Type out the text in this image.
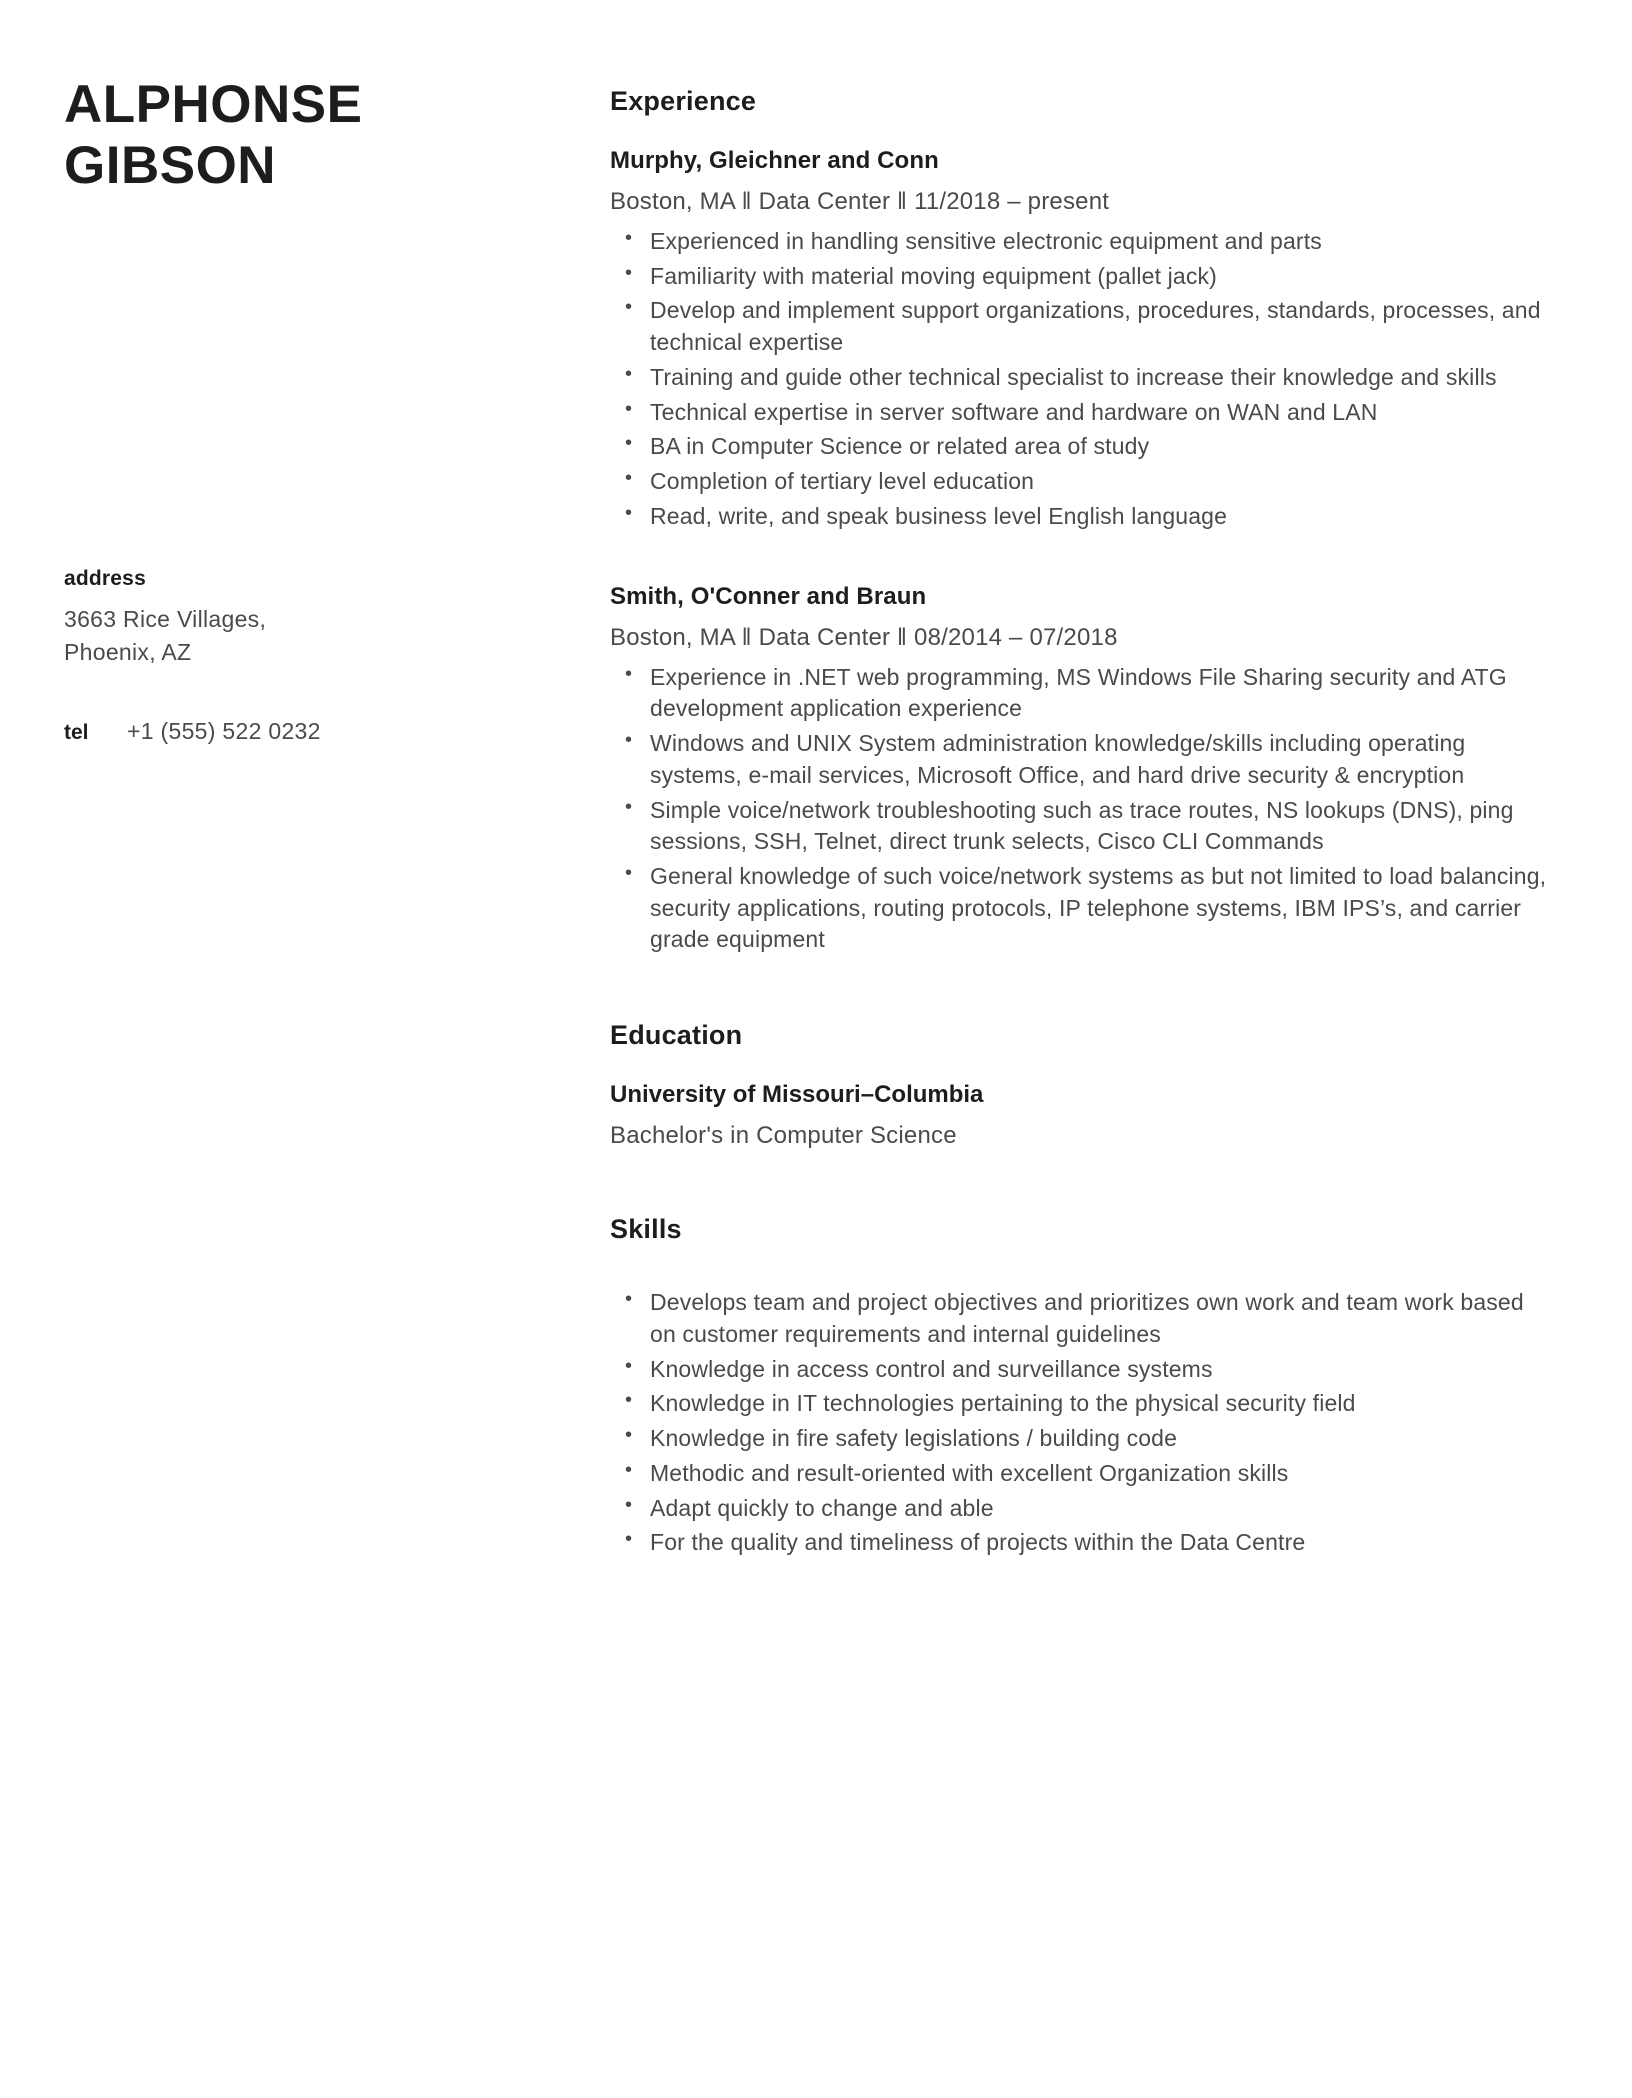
ALPHONSE
GIBSON
address
3663 Rice Villages,
Phoenix, AZ
tel	+1 (555) 522 0232
Experience
Murphy, Gleichner and Conn

Boston, MA ‖ Data Center ‖ 11/2018 – present

• Experienced in handling sensitive electronic equipment and parts
• Familiarity with material moving equipment (pallet jack)
• Develop and implement support organizations, procedures, standards, processes, and technical expertise
• Training and guide other technical specialist to increase their knowledge and skills
• Technical expertise in server software and hardware on WAN and LAN
• BA in Computer Science or related area of study
• Completion of tertiary level education
• Read, write, and speak business level English language
Smith, O'Conner and Braun

Boston, MA ‖ Data Center ‖ 08/2014 – 07/2018

• Experience in .NET web programming, MS Windows File Sharing security and ATG development application experience
• Windows and UNIX System administration knowledge/skills including operating systems, e-mail services, Microsoft Office, and hard drive security & encryption
• Simple voice/network troubleshooting such as trace routes, NS lookups (DNS), ping sessions, SSH, Telnet, direct trunk selects, Cisco CLI Commands
• General knowledge of such voice/network systems as but not limited to load balancing, security applications, routing protocols, IP telephone systems, IBM IPS’s, and carrier grade equipment
Education
University of Missouri–Columbia

Bachelor's in Computer Science

Skills
• Develops team and project objectives and prioritizes own work and team work based on customer requirements and internal guidelines
• Knowledge in access control and surveillance systems
• Knowledge in IT technologies pertaining to the physical security field
• Knowledge in fire safety legislations / building code
• Methodic and result-oriented with excellent Organization skills
• Adapt quickly to change and able
• For the quality and timeliness of projects within the Data Centre
